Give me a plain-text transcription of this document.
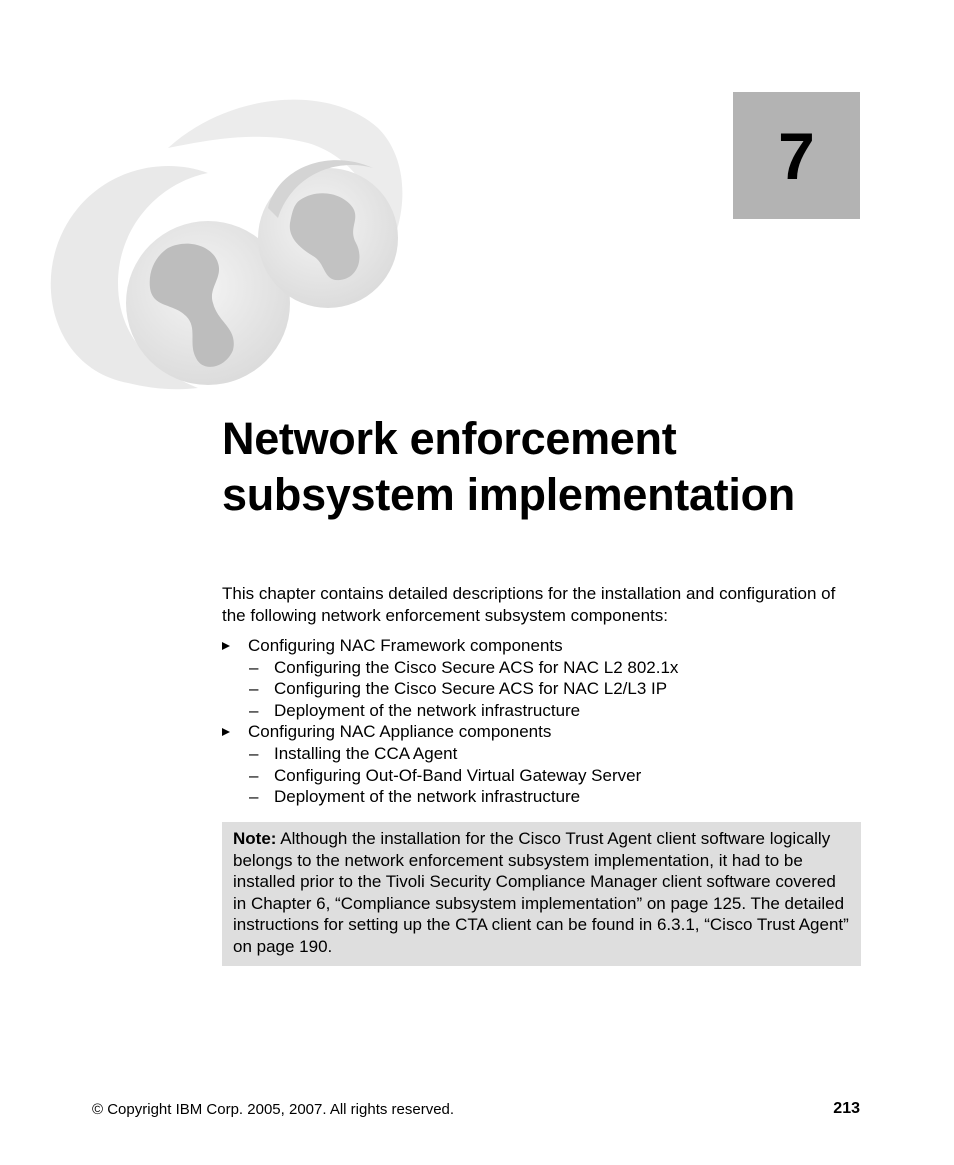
7
Network enforcement
subsystem implementation

This chapter contains detailed descriptions for the installation and configuration of the following network enforcement subsystem components:

Configuring NAC Framework components
– Configuring the Cisco Secure ACS for NAC L2 802.1x
– Configuring the Cisco Secure ACS for NAC L2/L3 IP
– Deployment of the network infrastructure
Configuring NAC Appliance components
– Installing the CCA Agent
– Configuring Out-Of-Band Virtual Gateway Server
– Deployment of the network infrastructure
Note: Although the installation for the Cisco Trust Agent client software logically belongs to the network enforcement subsystem implementation, it had to be installed prior to the Tivoli Security Compliance Manager client software covered in Chapter 6, “Compliance subsystem implementation” on page 125. The detailed instructions for setting up the CTA client can be found in 6.3.1, “Cisco Trust Agent” on page 190.
© Copyright IBM Corp. 2005, 2007. All rights reserved.	213
